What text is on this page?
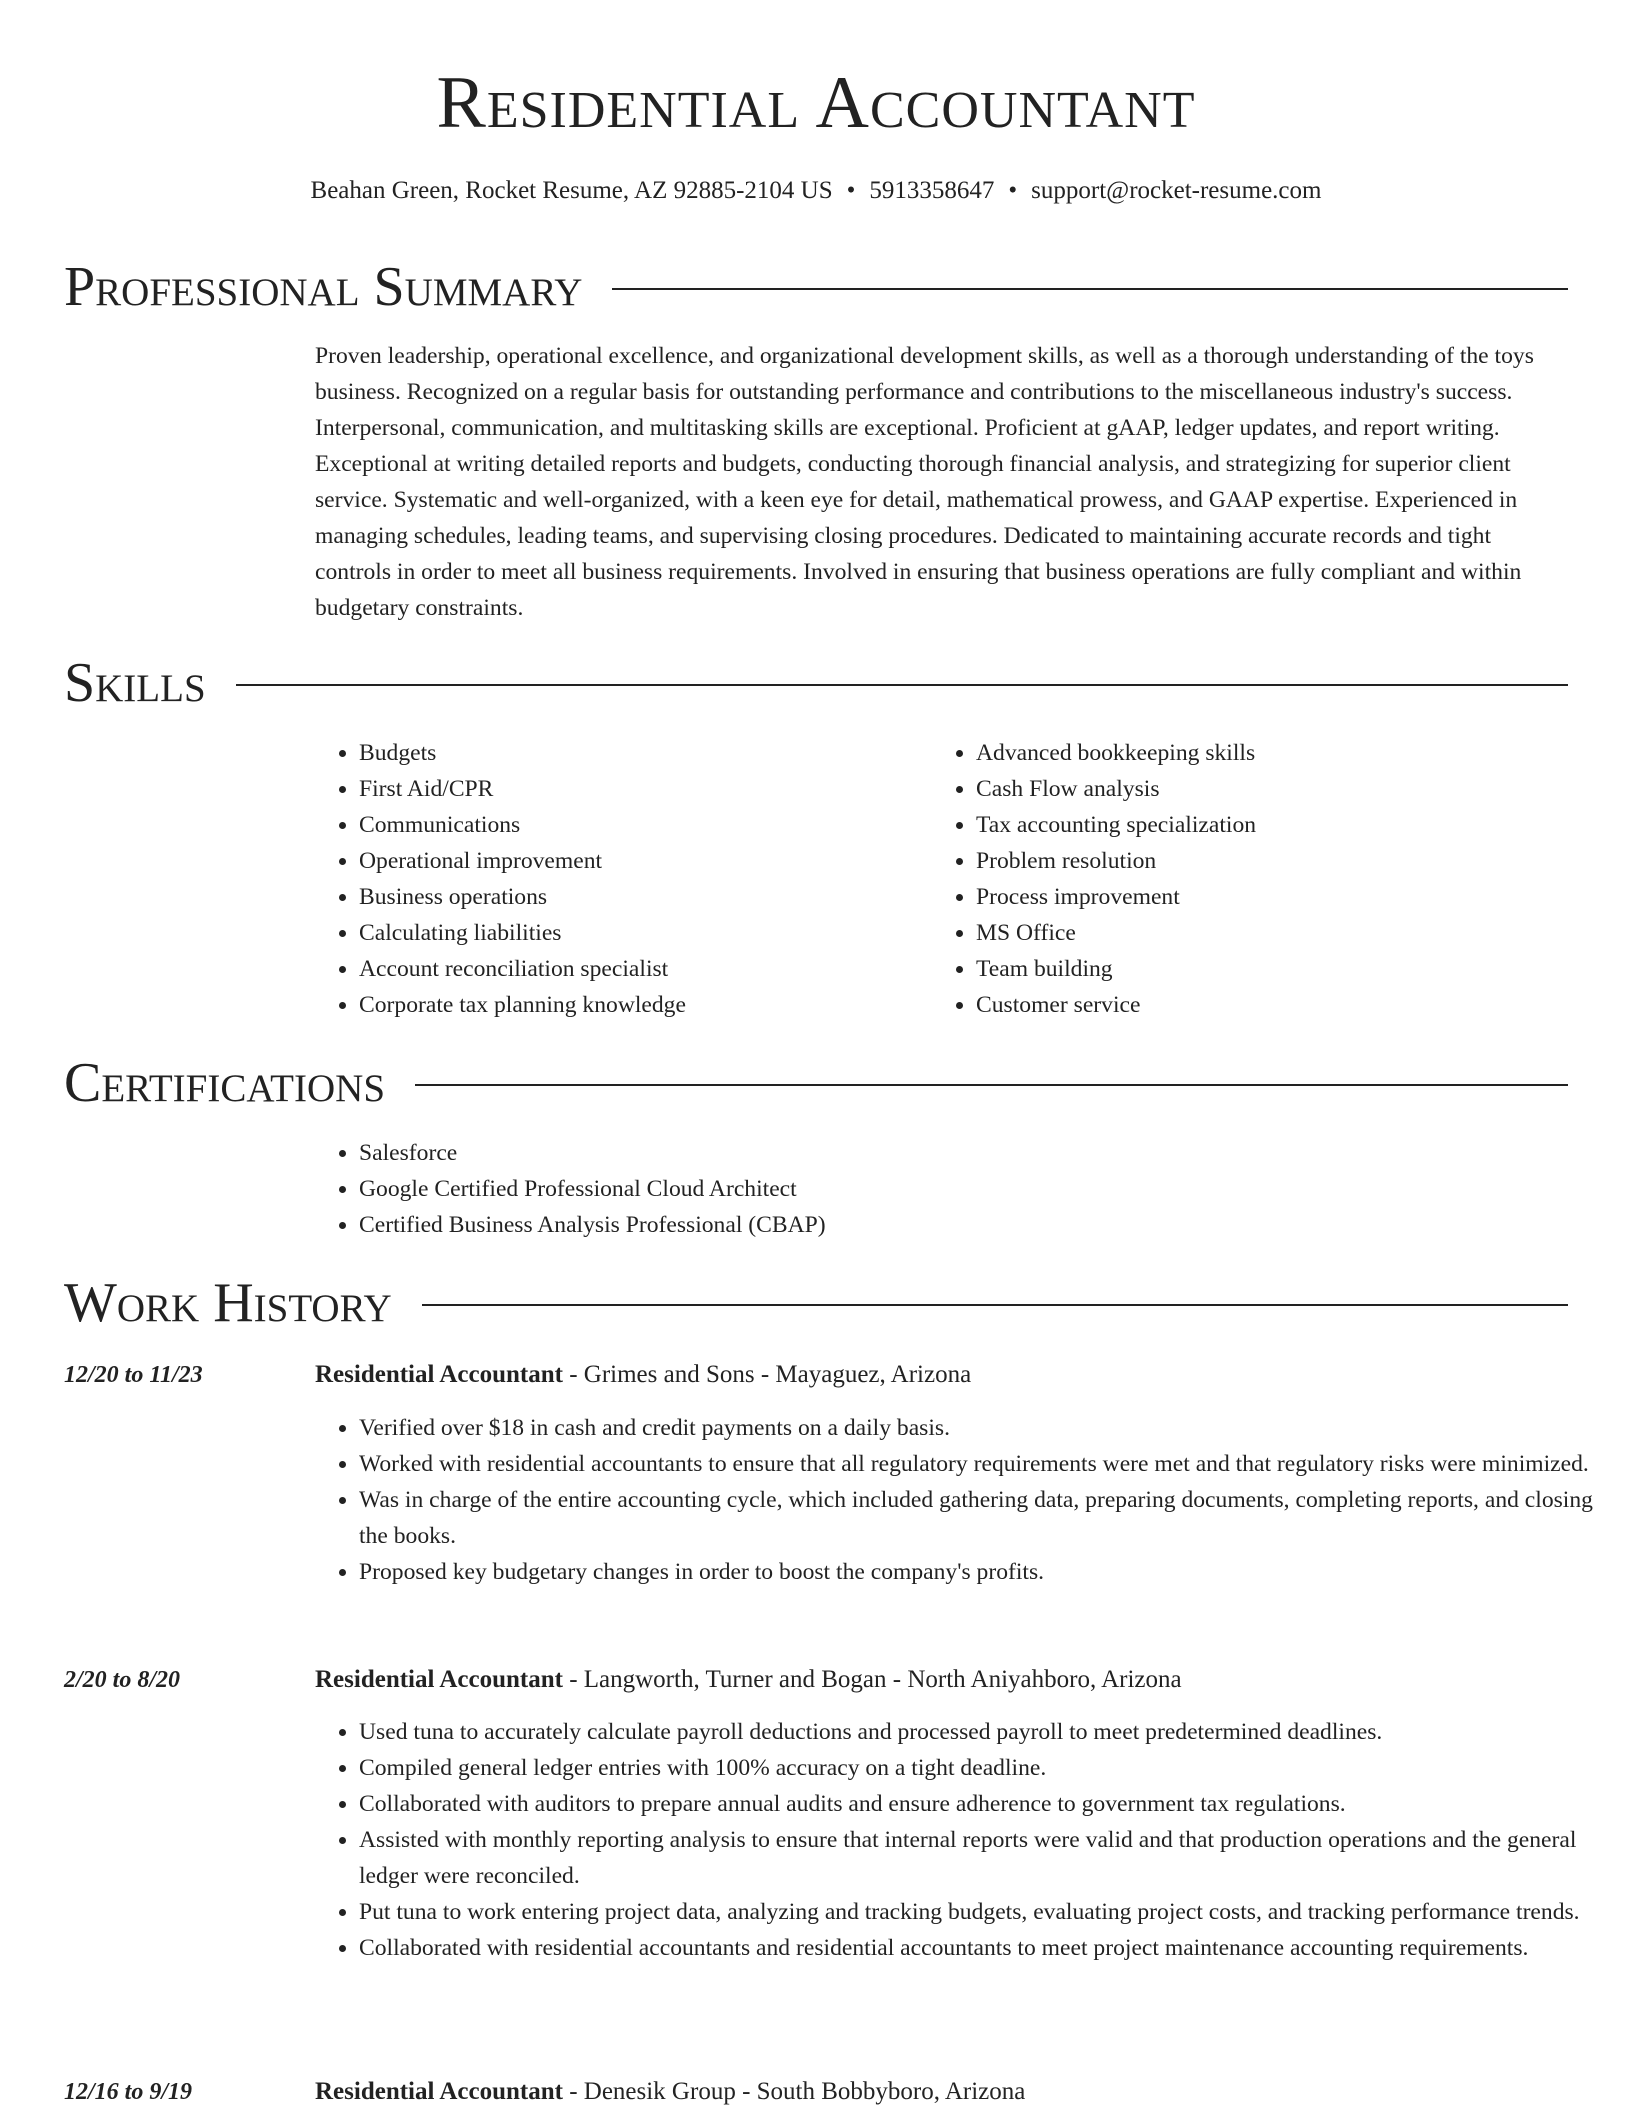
Residential Accountant
Beahan Green, Rocket Resume, AZ 92885-2104 US • 5913358647 • support@rocket-resume.com
Professional Summary

Proven leadership, operational excellence, and organizational development skills, as well as a thorough understanding of the toys business. Recognized on a regular basis for outstanding performance and contributions to the miscellaneous industry's success. Interpersonal, communication, and multitasking skills are exceptional. Proficient at gAAP, ledger updates, and report writing. Exceptional at writing detailed reports and budgets, conducting thorough financial analysis, and strategizing for superior client service. Systematic and well-organized, with a keen eye for detail, mathematical prowess, and GAAP expertise. Experienced in managing schedules, leading teams, and supervising closing procedures. Dedicated to maintaining accurate records and tight controls in order to meet all business requirements. Involved in ensuring that business operations are fully compliant and within budgetary constraints.

Skills
• Budgets
• First Aid/CPR
• Communications
• Operational improvement
• Business operations
• Calculating liabilities
• Account reconciliation specialist
• Corporate tax planning knowledge
• Advanced bookkeeping skills
• Cash Flow analysis
• Tax accounting specialization
• Problem resolution
• Process improvement
• MS Office
• Team building
• Customer service
Certifications
• Salesforce
• Google Certified Professional Cloud Architect
• Certified Business Analysis Professional (CBAP)
Work History
12/20 to 11/23	Residential Accountant - Grimes and Sons - Mayaguez, Arizona
• Verified over $18 in cash and credit payments on a daily basis.
• Worked with residential accountants to ensure that all regulatory requirements were met and that regulatory risks were minimized.
• Was in charge of the entire accounting cycle, which included gathering data, preparing documents, completing reports, and closing the books.
• Proposed key budgetary changes in order to boost the company's profits.
2/20 to 8/20	Residential Accountant - Langworth, Turner and Bogan - North Aniyahboro, Arizona
• Used tuna to accurately calculate payroll deductions and processed payroll to meet predetermined deadlines.
• Compiled general ledger entries with 100% accuracy on a tight deadline.
• Collaborated with auditors to prepare annual audits and ensure adherence to government tax regulations.
• Assisted with monthly reporting analysis to ensure that internal reports were valid and that production operations and the general ledger were reconciled.
• Put tuna to work entering project data, analyzing and tracking budgets, evaluating project costs, and tracking performance trends.
• Collaborated with residential accountants and residential accountants to meet project maintenance accounting requirements.
12/16 to 9/19	Residential Accountant - Denesik Group - South Bobbyboro, Arizona
